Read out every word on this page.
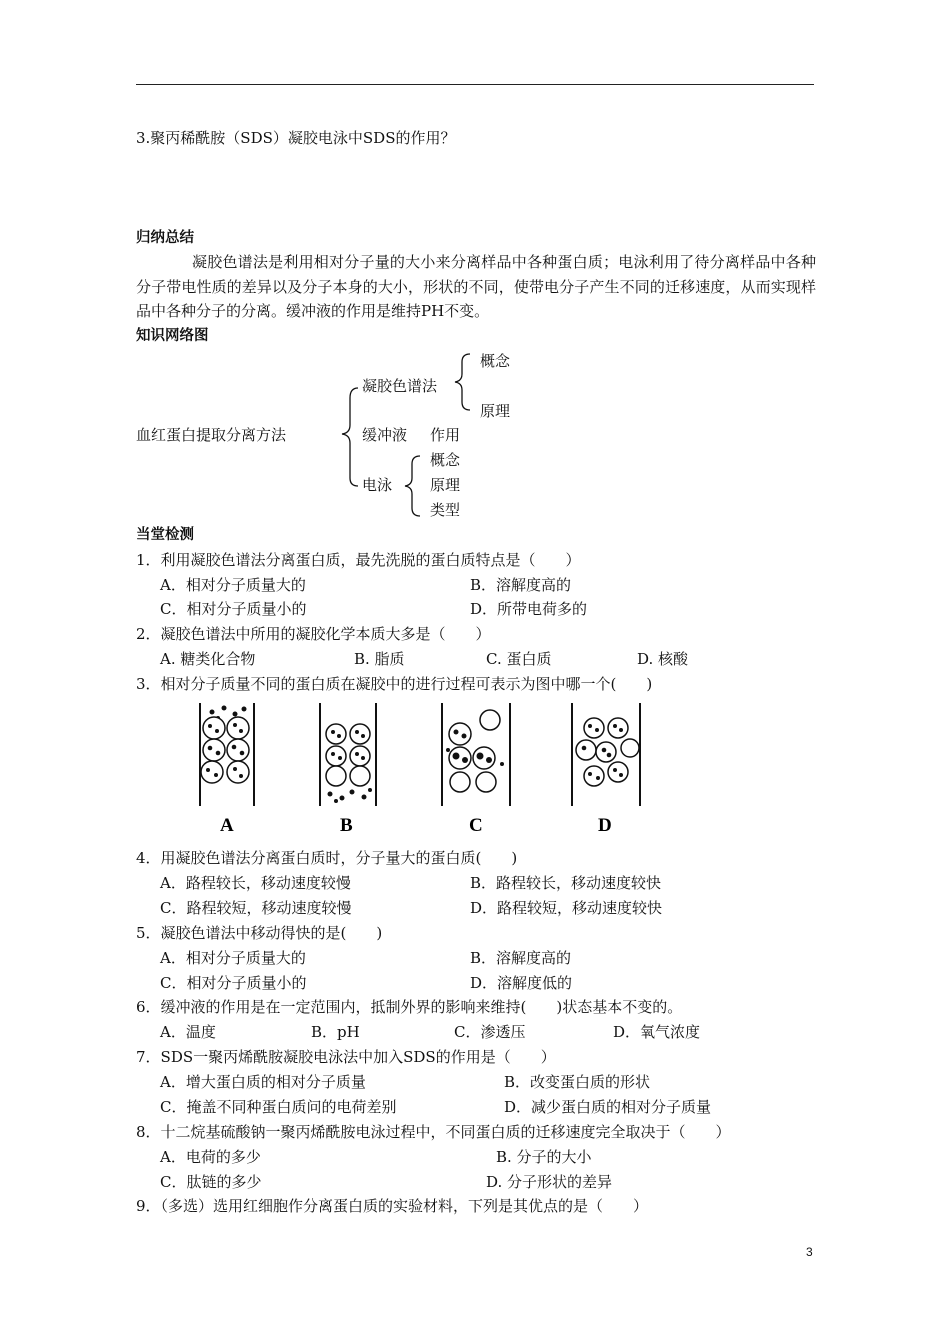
3.聚丙稀酰胺（SDS）凝胶电泳中SDS的作用？
归纳总结
凝胶色谱法是利用相对分子量的大小来分离样品中各种蛋白质；电泳利用了待分离样品中各种分子带电性质的差异以及分子本身的大小，形状的不同，使带电分子产生不同的迁移速度，从而实现样品中各种分子的分离。缓冲液的作用是维持PH不变。
知识网络图
血红蛋白提取分离方法
凝胶色谱法
概念
原理
缓冲液 作用
电泳
概念
原理
类型
当堂检测
1．利用凝胶色谱法分离蛋白质，最先洗脱的蛋白质特点是（　　）
A．相对分子质量大的	B．溶解度高的
C．相对分子质量小的	D．所带电荷多的
2．凝胶色谱法中所用的凝胶化学本质大多是（　　）
A. 糖类化合物	B. 脂质	C. 蛋白质	D. 核酸
3．相对分子质量不同的蛋白质在凝胶中的进行过程可表示为图中哪一个(　　)
A	B	C	D
4．用凝胶色谱法分离蛋白质时，分子量大的蛋白质(　　)
A．路程较长，移动速度较慢	B．路程较长，移动速度较快
C．路程较短，移动速度较慢	D．路程较短，移动速度较快
5．凝胶色谱法中移动得快的是(　　)
A．相对分子质量大的	B．溶解度高的
C．相对分子质量小的	D．溶解度低的
6．缓冲液的作用是在一定范围内，抵制外界的影响来维持(　　)状态基本不变的。
A．温度	B．pH	C．渗透压	D．氧气浓度
7．SDS一聚丙烯酰胺凝胶电泳法中加入SDS的作用是（　　）
A．增大蛋白质的相对分子质量	B．改变蛋白质的形状
C．掩盖不同种蛋白质问的电荷差别	D．减少蛋白质的相对分子质量
8．十二烷基硫酸钠一聚丙烯酰胺电泳过程中，不同蛋白质的迁移速度完全取决于（　　）
A．电荷的多少	B. 分子的大小
C．肽链的多少	D. 分子形状的差异
9．（多选）选用红细胞作分离蛋白质的实验材料，下列是其优点的是（　　）
3
